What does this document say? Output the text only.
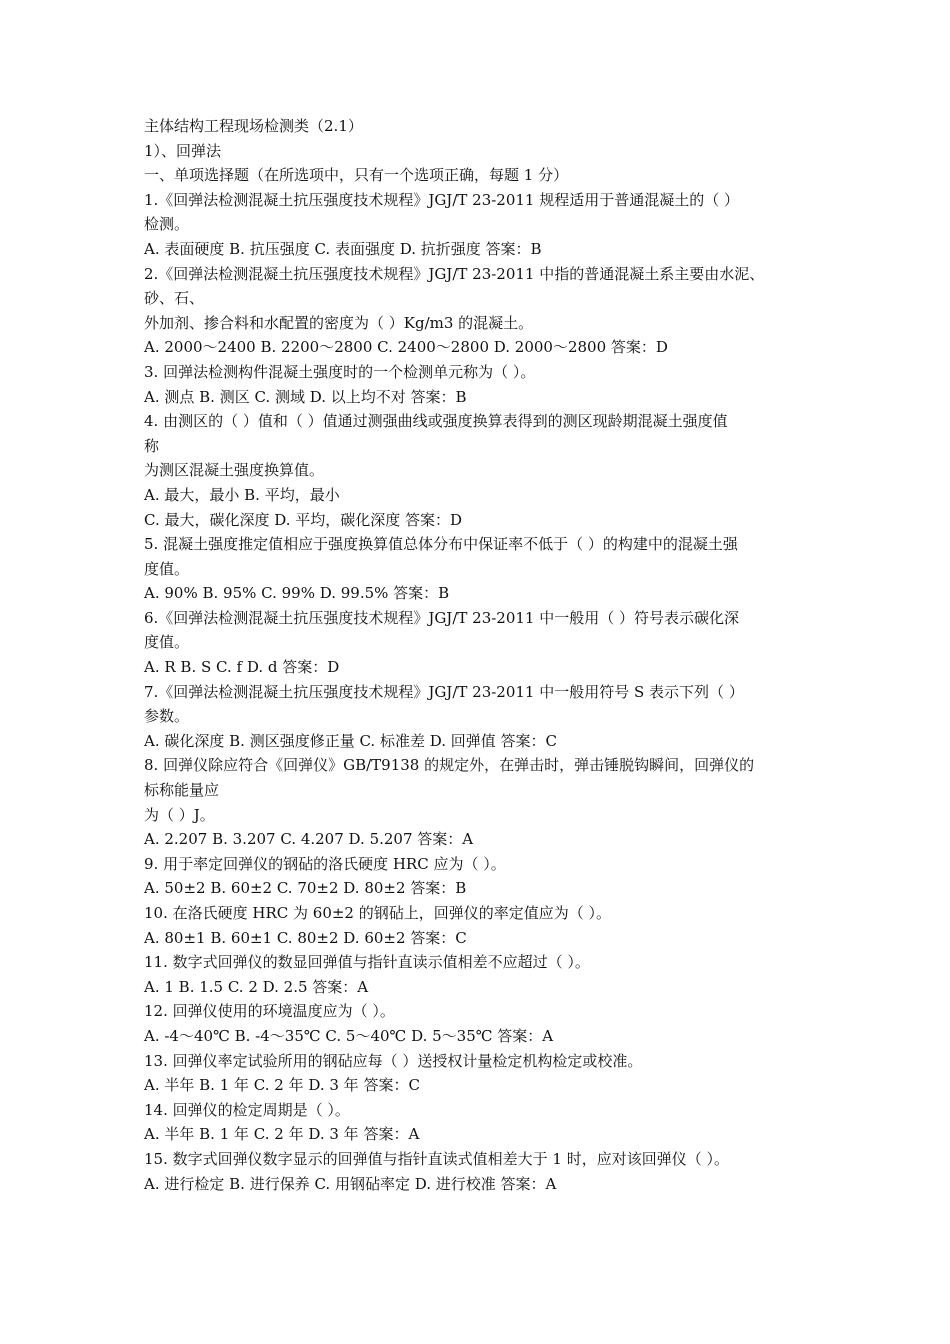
主体结构工程现场检测类（2.1）
1）、回弹法
一、单项选择题（在所选项中，只有一个选项正确，每题 1 分）
1.《回弹法检测混凝土抗压强度技术规程》JGJ/T 23-2011 规程适用于普通混凝土的（ ）
检测。
A. 表面硬度 B. 抗压强度 C. 表面强度 D. 抗折强度 答案：B
2.《回弹法检测混凝土抗压强度技术规程》JGJ/T 23-2011 中指的普通混凝土系主要由水泥、
砂、石、
外加剂、掺合料和水配置的密度为（ ）Kg/m3 的混凝土。
A. 2000～2400 B. 2200～2800 C. 2400～2800 D. 2000～2800 答案：D
3. 回弹法检测构件混凝土强度时的一个检测单元称为（ ）。
A. 测点 B. 测区 C. 测域 D. 以上均不对 答案：B
4. 由测区的（ ）值和（ ）值通过测强曲线或强度换算表得到的测区现龄期混凝土强度值
称
为测区混凝土强度换算值。
A. 最大，最小 B. 平均，最小
C. 最大，碳化深度 D. 平均，碳化深度 答案：D
5. 混凝土强度推定值相应于强度换算值总体分布中保证率不低于（ ）的构建中的混凝土强
度值。
A. 90% B. 95% C. 99% D. 99.5% 答案：B
6.《回弹法检测混凝土抗压强度技术规程》JGJ/T 23-2011 中一般用（ ）符号表示碳化深
度值。
A. R B. S C. f D. d 答案：D
7.《回弹法检测混凝土抗压强度技术规程》JGJ/T 23-2011 中一般用符号 S 表示下列（ ）
参数。
A. 碳化深度 B. 测区强度修正量 C. 标准差 D. 回弹值 答案：C
8. 回弹仪除应符合《回弹仪》GB/T9138 的规定外，在弹击时，弹击锤脱钩瞬间，回弹仪的
标称能量应
为（ ）J。
A. 2.207 B. 3.207 C. 4.207 D. 5.207 答案：A
9. 用于率定回弹仪的钢砧的洛氏硬度 HRC 应为（ ）。
A. 50±2 B. 60±2 C. 70±2 D. 80±2 答案：B
10. 在洛氏硬度 HRC 为 60±2 的钢砧上，回弹仪的率定值应为（ ）。
A. 80±1 B. 60±1 C. 80±2 D. 60±2 答案：C
11. 数字式回弹仪的数显回弹值与指针直读示值相差不应超过（ ）。
A. 1 B. 1.5 C. 2 D. 2.5 答案：A
12. 回弹仪使用的环境温度应为（ ）。
A. -4～40℃ B. -4～35℃ C. 5～40℃ D. 5～35℃ 答案：A
13. 回弹仪率定试验所用的钢砧应每（ ）送授权计量检定机构检定或校准。
A. 半年 B. 1 年 C. 2 年 D. 3 年 答案：C
14. 回弹仪的检定周期是（ ）。
A. 半年 B. 1 年 C. 2 年 D. 3 年 答案：A
15. 数字式回弹仪数字显示的回弹值与指针直读式值相差大于 1 时，应对该回弹仪（ ）。
A. 进行检定 B. 进行保养 C. 用钢砧率定 D. 进行校准 答案：A
